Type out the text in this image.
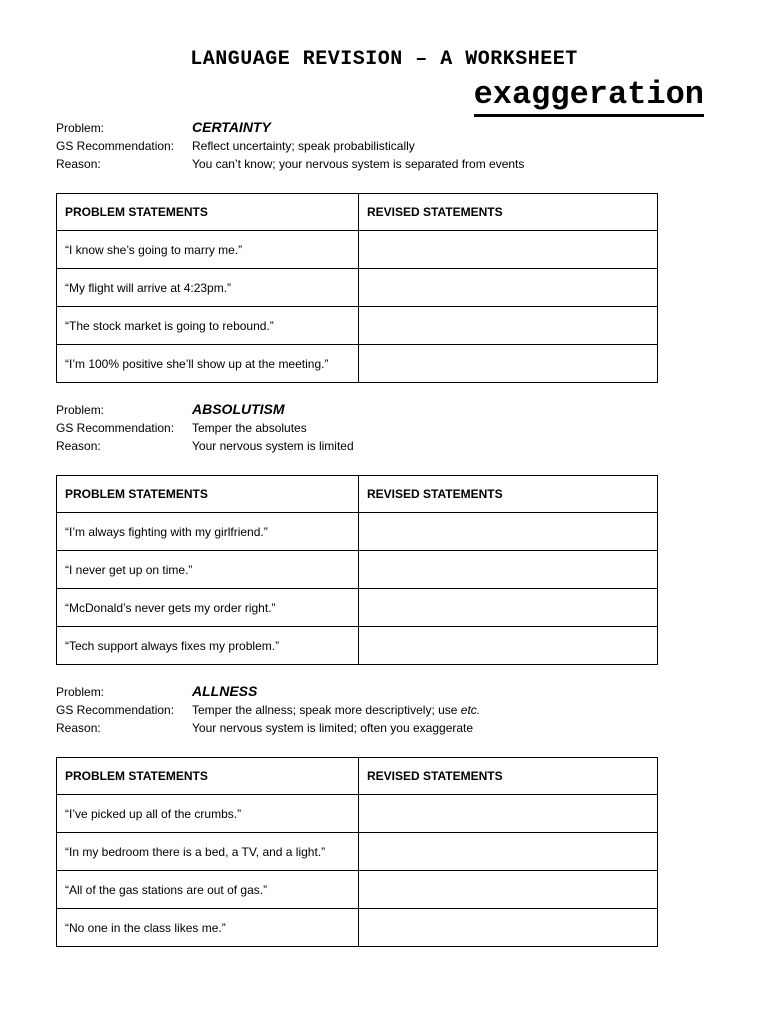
LANGUAGE REVISION – A WORKSHEET
exaggeration
Problem:	CERTAINTY
GS Recommendation:	Reflect uncertainty; speak probabilistically
Reason:	You can’t know; your nervous system is separated from events
PROBLEM STATEMENTS	REVISED STATEMENTS
“I know she’s going to marry me.”	
“My flight will arrive at 4:23pm.”	
“The stock market is going to rebound.”	
“I’m 100% positive she’ll show up at the meeting.”	
Problem:	ABSOLUTISM
GS Recommendation:	Temper the absolutes
Reason:	Your nervous system is limited
PROBLEM STATEMENTS	REVISED STATEMENTS
“I’m always fighting with my girlfriend.”	
“I never get up on time.”	
“McDonald’s never gets my order right.”	
“Tech support always fixes my problem.”	
Problem:	ALLNESS
GS Recommendation:	Temper the allness; speak more descriptively; use etc.
Reason:	Your nervous system is limited; often you exaggerate
PROBLEM STATEMENTS	REVISED STATEMENTS
“I’ve picked up all of the crumbs.”	
“In my bedroom there is a bed, a TV, and a light.”	
“All of the gas stations are out of gas.”	
“No one in the class likes me.”	
